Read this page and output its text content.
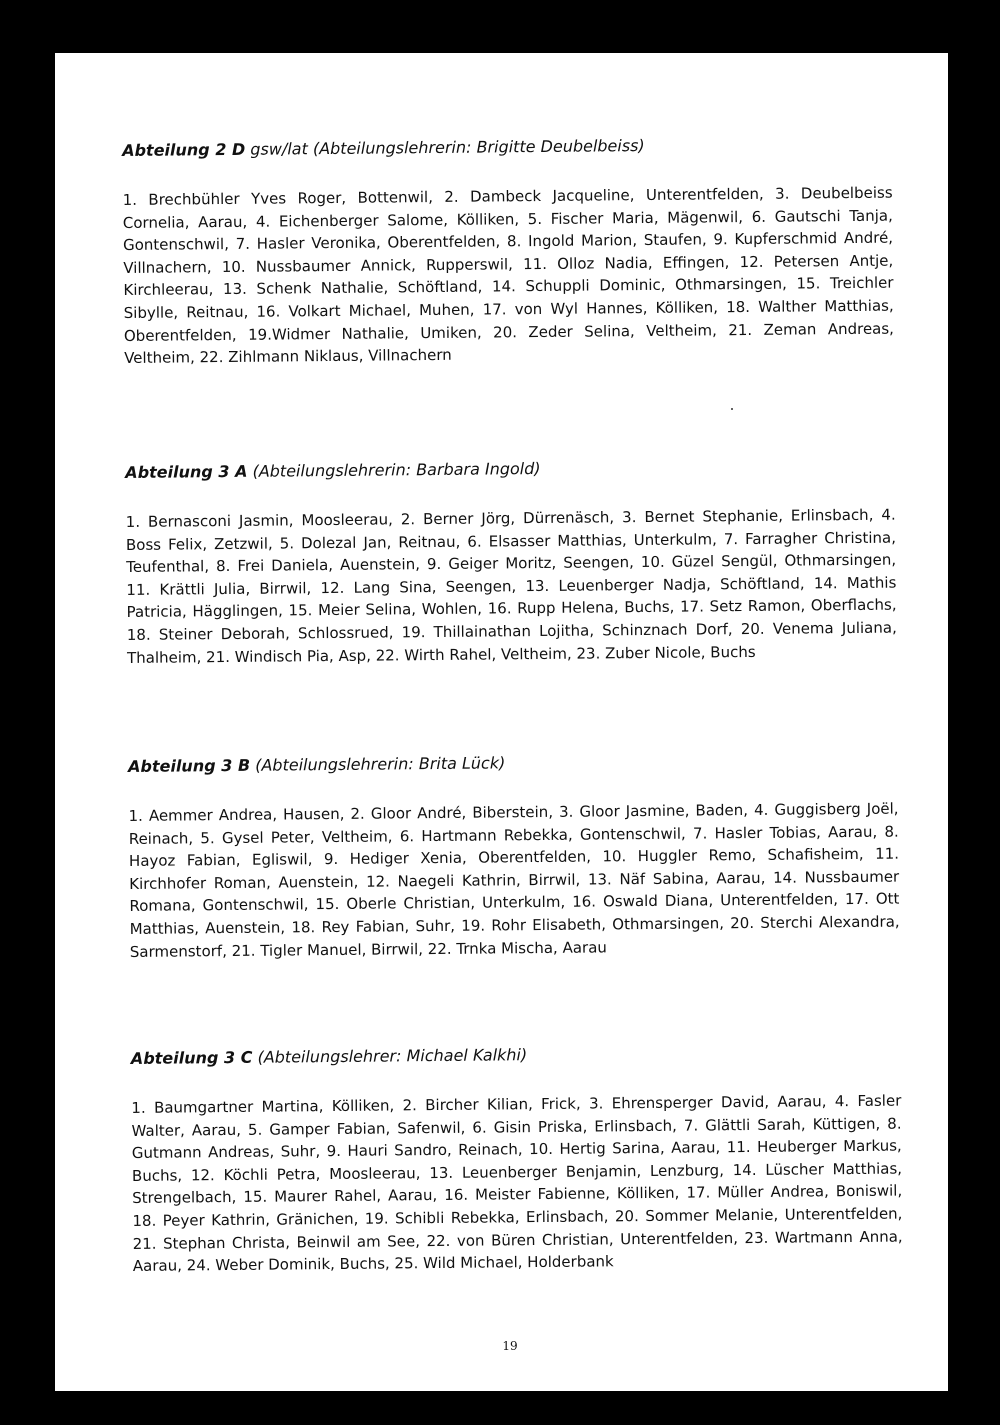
Abteilung 2 D gsw/lat (Abteilungslehrerin: Brigitte Deubelbeiss)

1. Brechbühler Yves Roger, Bottenwil, 2. Dambeck Jacqueline, Unterentfelden, 3. Deubelbeiss Cornelia, Aarau, 4. Eichenberger Salome, Kölliken, 5. Fischer Maria, Mägenwil, 6. Gautschi Tanja, Gontenschwil, 7. Hasler Veronika, Oberentfelden, 8. Ingold Marion, Staufen, 9. Kupferschmid André, Villnachern, 10. Nussbaumer Annick, Rupperswil, 11. Olloz Nadia, Effingen, 12. Petersen Antje, Kirchleerau, 13. Schenk Nathalie, Schöftland, 14. Schuppli Dominic, Othmarsingen, 15. Treichler Sibylle, Reitnau, 16. Volkart Michael, Muhen, 17. von Wyl Hannes, Kölliken, 18. Walther Matthias, Oberentfelden, 19.Widmer Nathalie, Umiken, 20. Zeder Selina, Veltheim, 21. Zeman Andreas, Veltheim, 22. Zihlmann Niklaus, Villnachern

Abteilung 3 A (Abteilungslehrerin: Barbara Ingold)

1. Bernasconi Jasmin, Moosleerau, 2. Berner Jörg, Dürrenäsch, 3. Bernet Stephanie, Erlinsbach, 4. Boss Felix, Zetzwil, 5. Dolezal Jan, Reitnau, 6. Elsasser Matthias, Unterkulm, 7. Farragher Christina, Teufenthal, 8. Frei Daniela, Auenstein, 9. Geiger Moritz, Seengen, 10. Güzel Sengül, Othmarsingen, 11. Krättli Julia, Birrwil, 12. Lang Sina, Seengen, 13. Leuenberger Nadja, Schöftland, 14. Mathis Patricia, Hägglingen, 15. Meier Selina, Wohlen, 16. Rupp Helena, Buchs, 17. Setz Ramon, Oberflachs, 18. Steiner Deborah, Schlossrued, 19. Thillainathan Lojitha, Schinznach Dorf, 20. Venema Juliana, Thalheim, 21. Windisch Pia, Asp, 22. Wirth Rahel, Veltheim, 23. Zuber Nicole, Buchs

Abteilung 3 B (Abteilungslehrerin: Brita Lück)

1. Aemmer Andrea, Hausen, 2. Gloor André, Biberstein, 3. Gloor Jasmine, Baden, 4. Guggisberg Joël, Reinach, 5. Gysel Peter, Veltheim, 6. Hartmann Rebekka, Gontenschwil, 7. Hasler Tobias, Aarau, 8. Hayoz Fabian, Egliswil, 9. Hediger Xenia, Oberentfelden, 10. Huggler Remo, Schafisheim, 11. Kirchhofer Roman, Auenstein, 12. Naegeli Kathrin, Birrwil, 13. Näf Sabina, Aarau, 14. Nussbaumer Romana, Gontenschwil, 15. Oberle Christian, Unterkulm, 16. Oswald Diana, Unterentfelden, 17. Ott Matthias, Auenstein, 18. Rey Fabian, Suhr, 19. Rohr Elisabeth, Othmarsingen, 20. Sterchi Alexandra, Sarmenstorf, 21. Tigler Manuel, Birrwil, 22. Trnka Mischa, Aarau

Abteilung 3 C (Abteilungslehrer: Michael Kalkhi)

1. Baumgartner Martina, Kölliken, 2. Bircher Kilian, Frick, 3. Ehrensperger David, Aarau, 4. Fasler Walter, Aarau, 5. Gamper Fabian, Safenwil, 6. Gisin Priska, Erlinsbach, 7. Glättli Sarah, Küttigen, 8. Gutmann Andreas, Suhr, 9. Hauri Sandro, Reinach, 10. Hertig Sarina, Aarau, 11. Heuberger Markus, Buchs, 12. Köchli Petra, Moosleerau, 13. Leuenberger Benjamin, Lenzburg, 14. Lüscher Matthias, Strengelbach, 15. Maurer Rahel, Aarau, 16. Meister Fabienne, Kölliken, 17. Müller Andrea, Boniswil, 18. Peyer Kathrin, Gränichen, 19. Schibli Rebekka, Erlinsbach, 20. Sommer Melanie, Unterentfelden, 21. Stephan Christa, Beinwil am See, 22. von Büren Christian, Unterentfelden, 23. Wartmann Anna, Aarau, 24. Weber Dominik, Buchs, 25. Wild Michael, Holderbank

19
